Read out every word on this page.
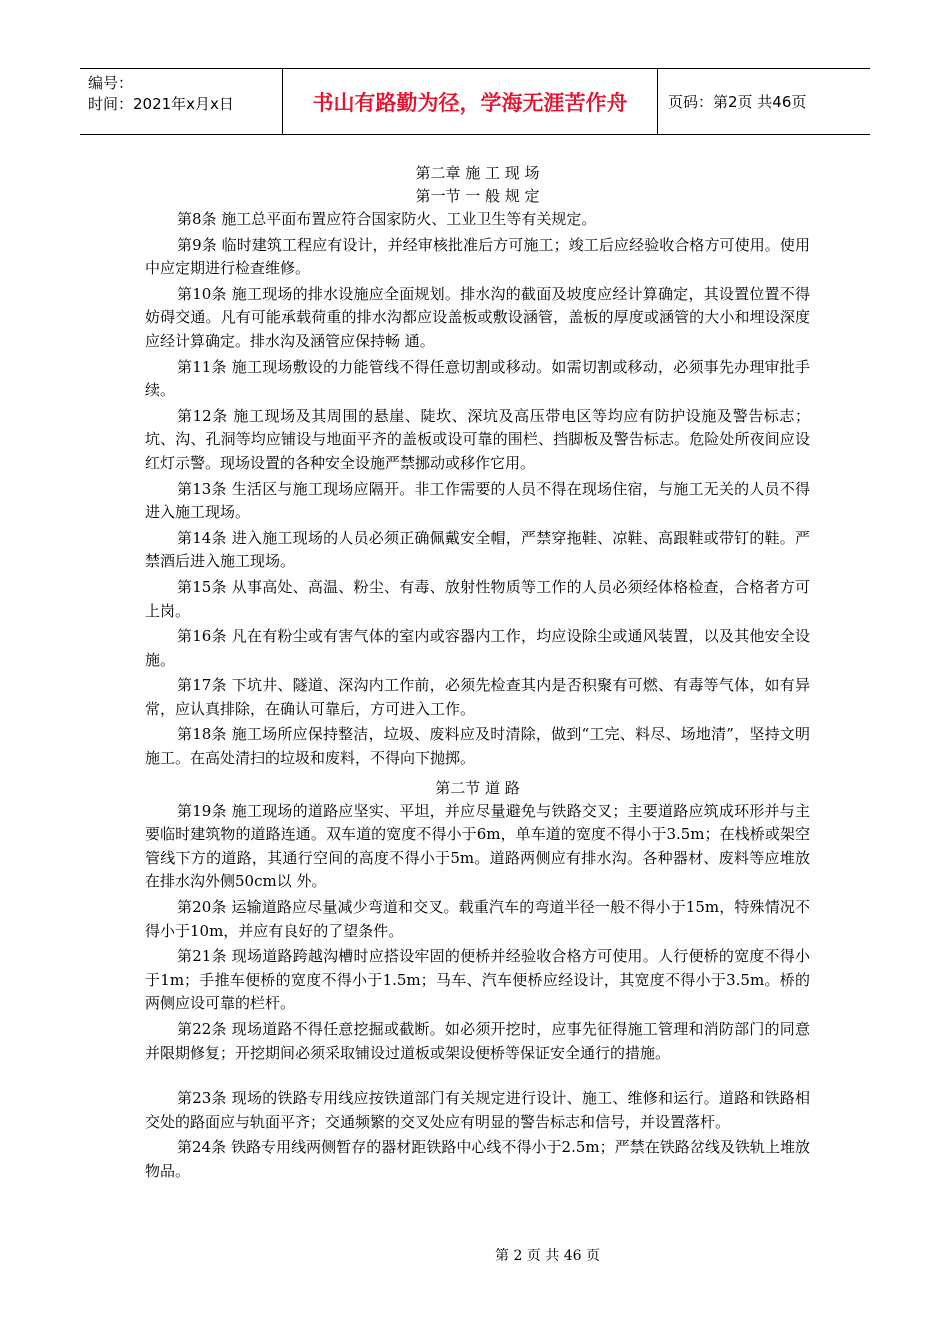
编号：
时间：2021年x月x日	书山有路勤为径，学海无涯苦作舟	页码：第2页 共46页
第二章 施 工 现 场
第一节 一 般 规 定

第8条 施工总平面布置应符合国家防火、工业卫生等有关规定。

第9条 临时建筑工程应有设计，并经审核批准后方可施工；竣工后应经验收合格方可使用。使用中应定期进行检查维修。

第10条 施工现场的排水设施应全面规划。排水沟的截面及坡度应经计算确定，其设置位置不得妨碍交通。凡有可能承载荷重的排水沟都应设盖板或敷设涵管，盖板的厚度或涵管的大小和埋设深度应经计算确定。排水沟及涵管应保持畅 通。

第11条 施工现场敷设的力能管线不得任意切割或移动。如需切割或移动，必须事先办理审批手续。

第12条 施工现场及其周围的悬崖、陡坎、深坑及高压带电区等均应有防护设施及警告标志；坑、沟、孔洞等均应铺设与地面平齐的盖板或设可靠的围栏、挡脚板及警告标志。危险处所夜间应设红灯示警。现场设置的各种安全设施严禁挪动或移作它用。

第13条 生活区与施工现场应隔开。非工作需要的人员不得在现场住宿，与施工无关的人员不得进入施工现场。

第14条 进入施工现场的人员必须正确佩戴安全帽，严禁穿拖鞋、凉鞋、高跟鞋或带钉的鞋。严禁酒后进入施工现场。

第15条 从事高处、高温、粉尘、有毒、放射性物质等工作的人员必须经体格检查，合格者方可上岗。

第16条 凡在有粉尘或有害气体的室内或容器内工作，均应设除尘或通风装置，以及其他安全设施。

第17条 下坑井、隧道、深沟内工作前，必须先检查其内是否积聚有可燃、有毒等气体，如有异常，应认真排除，在确认可靠后，方可进入工作。

第18条 施工场所应保持整洁，垃圾、废料应及时清除，做到“工完、料尽、场地清”，坚持文明施工。在高处清扫的垃圾和废料，不得向下抛掷。

第二节 道 路

第19条 施工现场的道路应坚实、平坦，并应尽量避免与铁路交叉；主要道路应筑成环形并与主要临时建筑物的道路连通。双车道的宽度不得小于6m，单车道的宽度不得小于3.5m；在栈桥或架空管线下方的道路，其通行空间的高度不得小于5m。道路两侧应有排水沟。各种器材、废料等应堆放在排水沟外侧50cm以 外。

第20条 运输道路应尽量减少弯道和交叉。载重汽车的弯道半径一般不得小于15m，特殊情况不得小于10m，并应有良好的了望条件。

第21条 现场道路跨越沟槽时应搭设牢固的便桥并经验收合格方可使用。人行便桥的宽度不得小于1m；手推车便桥的宽度不得小于1.5m；马车、汽车便桥应经设计，其宽度不得小于3.5m。桥的两侧应设可靠的栏杆。

第22条 现场道路不得任意挖掘或截断。如必须开挖时，应事先征得施工管理和消防部门的同意并限期修复；开挖期间必须采取铺设过道板或架设便桥等保证安全通行的措施。

第23条 现场的铁路专用线应按铁道部门有关规定进行设计、施工、维修和运行。道路和铁路相交处的路面应与轨面平齐；交通频繁的交叉处应有明显的警告标志和信号，并设置落杆。

第24条 铁路专用线两侧暂存的器材距铁路中心线不得小于2.5m；严禁在铁路岔线及铁轨上堆放物品。

第 2 页 共 46 页
